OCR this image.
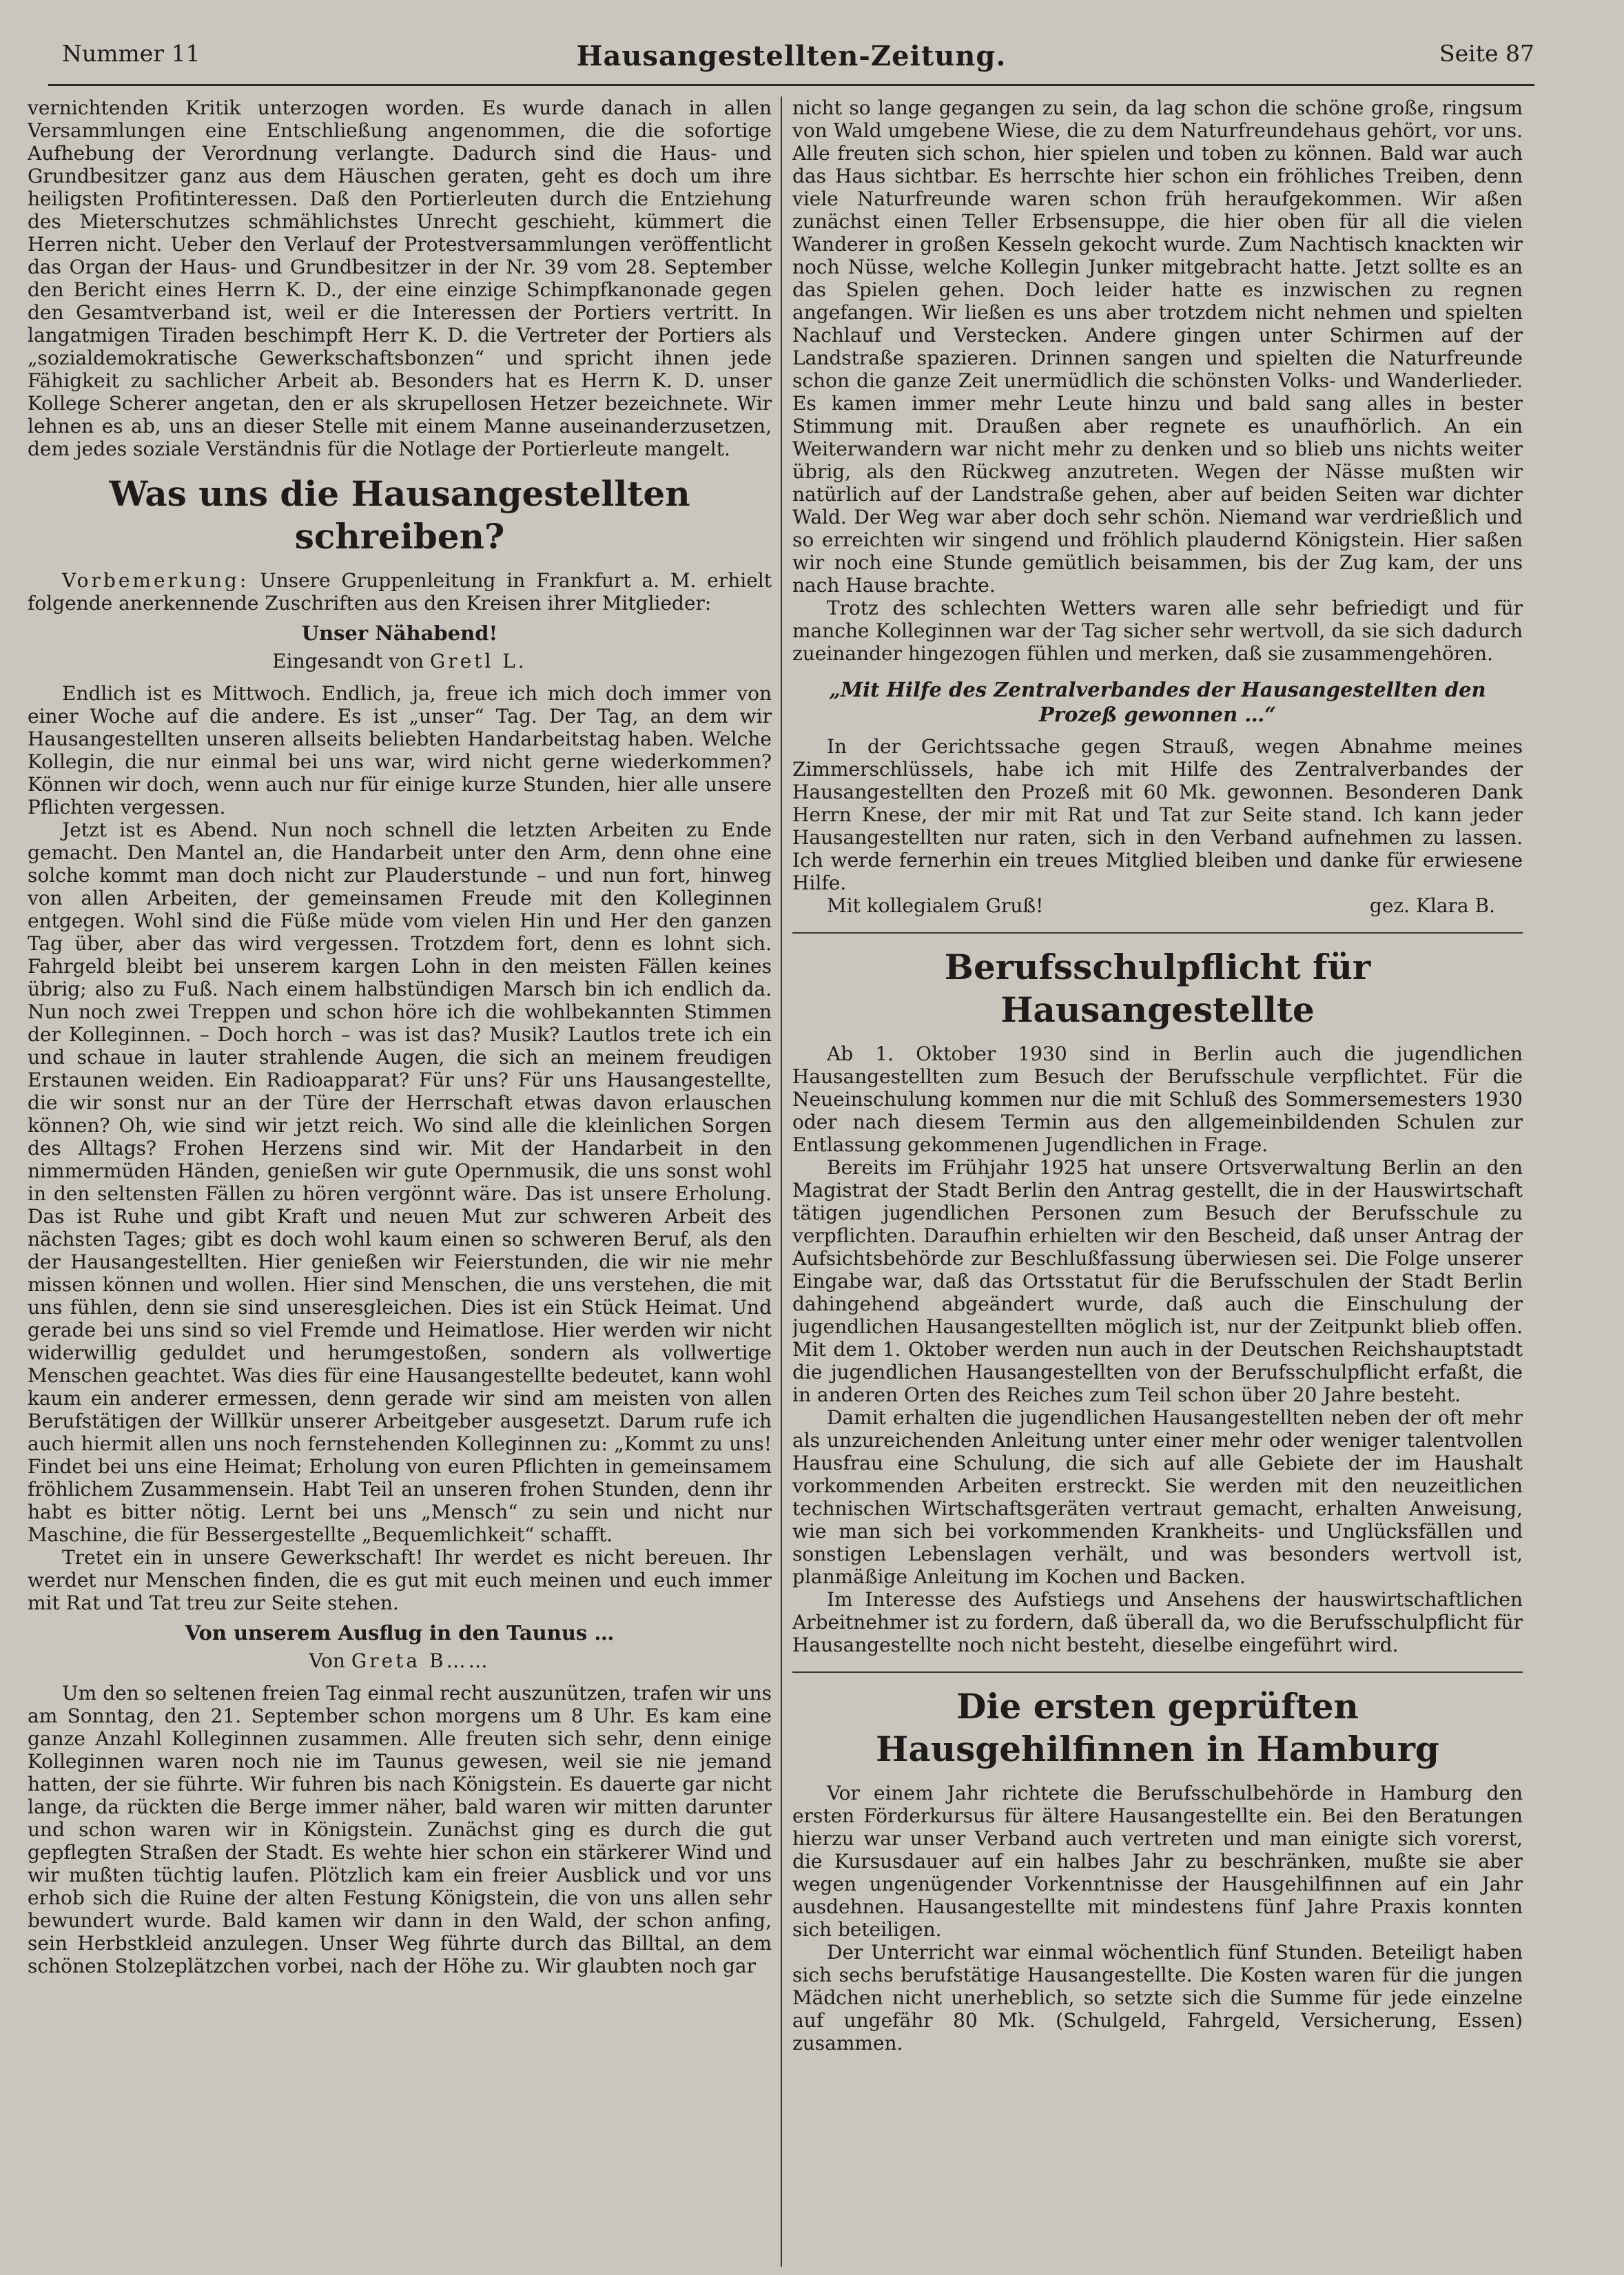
Nummer 11	Hausangestellten-Zeitung.	Seite 87

vernichtenden Kritik unterzogen worden. Es wurde danach in allen Versammlungen eine Entschließung angenommen, die die sofortige Aufhebung der Verordnung verlangte. Dadurch sind die Haus- und Grundbesitzer ganz aus dem Häuschen geraten, geht es doch um ihre heiligsten Profitinteressen. Daß den Portierleuten durch die Entziehung des Mieterschutzes schmählichstes Unrecht geschieht, kümmert die Herren nicht. Ueber den Verlauf der Protestversammlungen veröffentlicht das Organ der Haus- und Grundbesitzer in der Nr. 39 vom 28. September den Bericht eines Herrn K. D., der eine einzige Schimpfkanonade gegen den Gesamtverband ist, weil er die Interessen der Portiers vertritt. In langatmigen Tiraden beschimpft Herr K. D. die Vertreter der Portiers als „sozialdemokratische Gewerkschaftsbonzen“ und spricht ihnen jede Fähigkeit zu sachlicher Arbeit ab. Besonders hat es Herrn K. D. unser Kollege Scherer angetan, den er als skrupellosen Hetzer bezeichnete. Wir lehnen es ab, uns an dieser Stelle mit einem Manne auseinanderzusetzen, dem jedes soziale Verständnis für die Notlage der Portierleute mangelt.

Was uns die Hausangestellten schreiben?

Vorbemerkung: Unsere Gruppenleitung in Frankfurt a. M. erhielt folgende anerkennende Zuschriften aus den Kreisen ihrer Mitglieder:

Unser Nähabend!

Eingesandt von Gretl L.

Endlich ist es Mittwoch. Endlich, ja, freue ich mich doch immer von einer Woche auf die andere. Es ist „unser“ Tag. Der Tag, an dem wir Hausangestellten unseren allseits beliebten Handarbeitstag haben. Welche Kollegin, die nur einmal bei uns war, wird nicht gerne wiederkommen? Können wir doch, wenn auch nur für einige kurze Stunden, hier alle unsere Pflichten vergessen.

Jetzt ist es Abend. Nun noch schnell die letzten Arbeiten zu Ende gemacht. Den Mantel an, die Handarbeit unter den Arm, denn ohne eine solche kommt man doch nicht zur Plauderstunde – und nun fort, hinweg von allen Arbeiten, der gemeinsamen Freude mit den Kolleginnen entgegen. Wohl sind die Füße müde vom vielen Hin und Her den ganzen Tag über, aber das wird vergessen. Trotzdem fort, denn es lohnt sich. Fahrgeld bleibt bei unserem kargen Lohn in den meisten Fällen keines übrig; also zu Fuß. Nach einem halbstündigen Marsch bin ich endlich da. Nun noch zwei Treppen und schon höre ich die wohlbekannten Stimmen der Kolleginnen. – Doch horch – was ist das? Musik? Lautlos trete ich ein und schaue in lauter strahlende Augen, die sich an meinem freudigen Erstaunen weiden. Ein Radioapparat? Für uns? Für uns Hausangestellte, die wir sonst nur an der Türe der Herrschaft etwas davon erlauschen können? Oh, wie sind wir jetzt reich. Wo sind alle die kleinlichen Sorgen des Alltags? Frohen Herzens sind wir. Mit der Handarbeit in den nimmermüden Händen, genießen wir gute Opernmusik, die uns sonst wohl in den seltensten Fällen zu hören vergönnt wäre. Das ist unsere Erholung. Das ist Ruhe und gibt Kraft und neuen Mut zur schweren Arbeit des nächsten Tages; gibt es doch wohl kaum einen so schweren Beruf, als den der Hausangestellten. Hier genießen wir Feierstunden, die wir nie mehr missen können und wollen. Hier sind Menschen, die uns verstehen, die mit uns fühlen, denn sie sind unseresgleichen. Dies ist ein Stück Heimat. Und gerade bei uns sind so viel Fremde und Heimatlose. Hier werden wir nicht widerwillig geduldet und herumgestoßen, sondern als vollwertige Menschen geachtet. Was dies für eine Hausangestellte bedeutet, kann wohl kaum ein anderer ermessen, denn gerade wir sind am meisten von allen Berufstätigen der Willkür unserer Arbeitgeber ausgesetzt. Darum rufe ich auch hiermit allen uns noch fernstehenden Kolleginnen zu: „Kommt zu uns! Findet bei uns eine Heimat; Erholung von euren Pflichten in gemeinsamem fröhlichem Zusammensein. Habt Teil an unseren frohen Stunden, denn ihr habt es bitter nötig. Lernt bei uns „Mensch“ zu sein und nicht nur Maschine, die für Bessergestellte „Bequemlichkeit“ schafft.

Tretet ein in unsere Gewerkschaft! Ihr werdet es nicht bereuen. Ihr werdet nur Menschen finden, die es gut mit euch meinen und euch immer mit Rat und Tat treu zur Seite stehen.

Von unserem Ausflug in den Taunus …

Von Greta B……

Um den so seltenen freien Tag einmal recht auszunützen, trafen wir uns am Sonntag, den 21. September schon morgens um 8 Uhr. Es kam eine ganze Anzahl Kolleginnen zusammen. Alle freuten sich sehr, denn einige Kolleginnen waren noch nie im Taunus gewesen, weil sie nie jemand hatten, der sie führte. Wir fuhren bis nach Königstein. Es dauerte gar nicht lange, da rückten die Berge immer näher, bald waren wir mitten darunter und schon waren wir in Königstein. Zunächst ging es durch die gut gepflegten Straßen der Stadt. Es wehte hier schon ein stärkerer Wind und wir mußten tüchtig laufen. Plötzlich kam ein freier Ausblick und vor uns erhob sich die Ruine der alten Festung Königstein, die von uns allen sehr bewundert wurde. Bald kamen wir dann in den Wald, der schon anfing, sein Herbstkleid anzulegen. Unser Weg führte durch das Billtal, an dem schönen Stolzeplätzchen vorbei, nach der Höhe zu. Wir glaubten noch gar

nicht so lange gegangen zu sein, da lag schon die schöne große, ringsum von Wald umgebene Wiese, die zu dem Naturfreundehaus gehört, vor uns. Alle freuten sich schon, hier spielen und toben zu können. Bald war auch das Haus sichtbar. Es herrschte hier schon ein fröhliches Treiben, denn viele Naturfreunde waren schon früh heraufgekommen. Wir aßen zunächst einen Teller Erbsensuppe, die hier oben für all die vielen Wanderer in großen Kesseln gekocht wurde. Zum Nachtisch knackten wir noch Nüsse, welche Kollegin Junker mitgebracht hatte. Jetzt sollte es an das Spielen gehen. Doch leider hatte es inzwischen zu regnen angefangen. Wir ließen es uns aber trotzdem nicht nehmen und spielten Nachlauf und Verstecken. Andere gingen unter Schirmen auf der Landstraße spazieren. Drinnen sangen und spielten die Naturfreunde schon die ganze Zeit unermüdlich die schönsten Volks- und Wanderlieder. Es kamen immer mehr Leute hinzu und bald sang alles in bester Stimmung mit. Draußen aber regnete es unaufhörlich. An ein Weiterwandern war nicht mehr zu denken und so blieb uns nichts weiter übrig, als den Rückweg anzutreten. Wegen der Nässe mußten wir natürlich auf der Landstraße gehen, aber auf beiden Seiten war dichter Wald. Der Weg war aber doch sehr schön. Niemand war verdrießlich und so erreichten wir singend und fröhlich plaudernd Königstein. Hier saßen wir noch eine Stunde gemütlich beisammen, bis der Zug kam, der uns nach Hause brachte.

Trotz des schlechten Wetters waren alle sehr befriedigt und für manche Kolleginnen war der Tag sicher sehr wertvoll, da sie sich dadurch zueinander hingezogen fühlen und merken, daß sie zusammengehören.

„Mit Hilfe des Zentralverbandes der Hausangestellten den Prozeß gewonnen …“

In der Gerichtssache gegen Strauß, wegen Abnahme meines Zimmerschlüssels, habe ich mit Hilfe des Zentralverbandes der Hausangestellten den Prozeß mit 60 Mk. gewonnen. Besonderen Dank Herrn Knese, der mir mit Rat und Tat zur Seite stand. Ich kann jeder Hausangestellten nur raten, sich in den Verband aufnehmen zu lassen. Ich werde fernerhin ein treues Mitglied bleiben und danke für erwiesene Hilfe.

Mit kollegialem Gruß!	gez. Klara B.
Berufsschulpflicht für Hausangestellte

Ab 1. Oktober 1930 sind in Berlin auch die jugendlichen Hausangestellten zum Besuch der Berufsschule verpflichtet. Für die Neueinschulung kommen nur die mit Schluß des Sommersemesters 1930 oder nach diesem Termin aus den allgemeinbildenden Schulen zur Entlassung gekommenen Jugendlichen in Frage.

Bereits im Frühjahr 1925 hat unsere Ortsverwaltung Berlin an den Magistrat der Stadt Berlin den Antrag gestellt, die in der Hauswirtschaft tätigen jugendlichen Personen zum Besuch der Berufsschule zu verpflichten. Daraufhin erhielten wir den Bescheid, daß unser Antrag der Aufsichtsbehörde zur Beschlußfassung überwiesen sei. Die Folge unserer Eingabe war, daß das Ortsstatut für die Berufsschulen der Stadt Berlin dahingehend abgeändert wurde, daß auch die Einschulung der jugendlichen Hausangestellten möglich ist, nur der Zeitpunkt blieb offen. Mit dem 1. Oktober werden nun auch in der Deutschen Reichshauptstadt die jugendlichen Hausangestellten von der Berufsschulpflicht erfaßt, die in anderen Orten des Reiches zum Teil schon über 20 Jahre besteht.

Damit erhalten die jugendlichen Hausangestellten neben der oft mehr als unzureichenden Anleitung unter einer mehr oder weniger talentvollen Hausfrau eine Schulung, die sich auf alle Gebiete der im Haushalt vorkommenden Arbeiten erstreckt. Sie werden mit den neuzeitlichen technischen Wirtschaftsgeräten vertraut gemacht, erhalten Anweisung, wie man sich bei vorkommenden Krankheits- und Unglücksfällen und sonstigen Lebenslagen verhält, und was besonders wertvoll ist, planmäßige Anleitung im Kochen und Backen.

Im Interesse des Aufstiegs und Ansehens der hauswirtschaftlichen Arbeitnehmer ist zu fordern, daß überall da, wo die Berufsschulpflicht für Hausangestellte noch nicht besteht, dieselbe eingeführt wird.

Die ersten geprüften Hausgehilfinnen in Hamburg

Vor einem Jahr richtete die Berufsschulbehörde in Hamburg den ersten Förderkursus für ältere Hausangestellte ein. Bei den Beratungen hierzu war unser Verband auch vertreten und man einigte sich vorerst, die Kursusdauer auf ein halbes Jahr zu beschränken, mußte sie aber wegen ungenügender Vorkenntnisse der Hausgehilfinnen auf ein Jahr ausdehnen. Hausangestellte mit mindestens fünf Jahre Praxis konnten sich beteiligen.

Der Unterricht war einmal wöchentlich fünf Stunden. Beteiligt haben sich sechs berufstätige Hausangestellte. Die Kosten waren für die jungen Mädchen nicht unerheblich, so setzte sich die Summe für jede einzelne auf ungefähr 80 Mk. (Schulgeld, Fahrgeld, Versicherung, Essen) zusammen.
